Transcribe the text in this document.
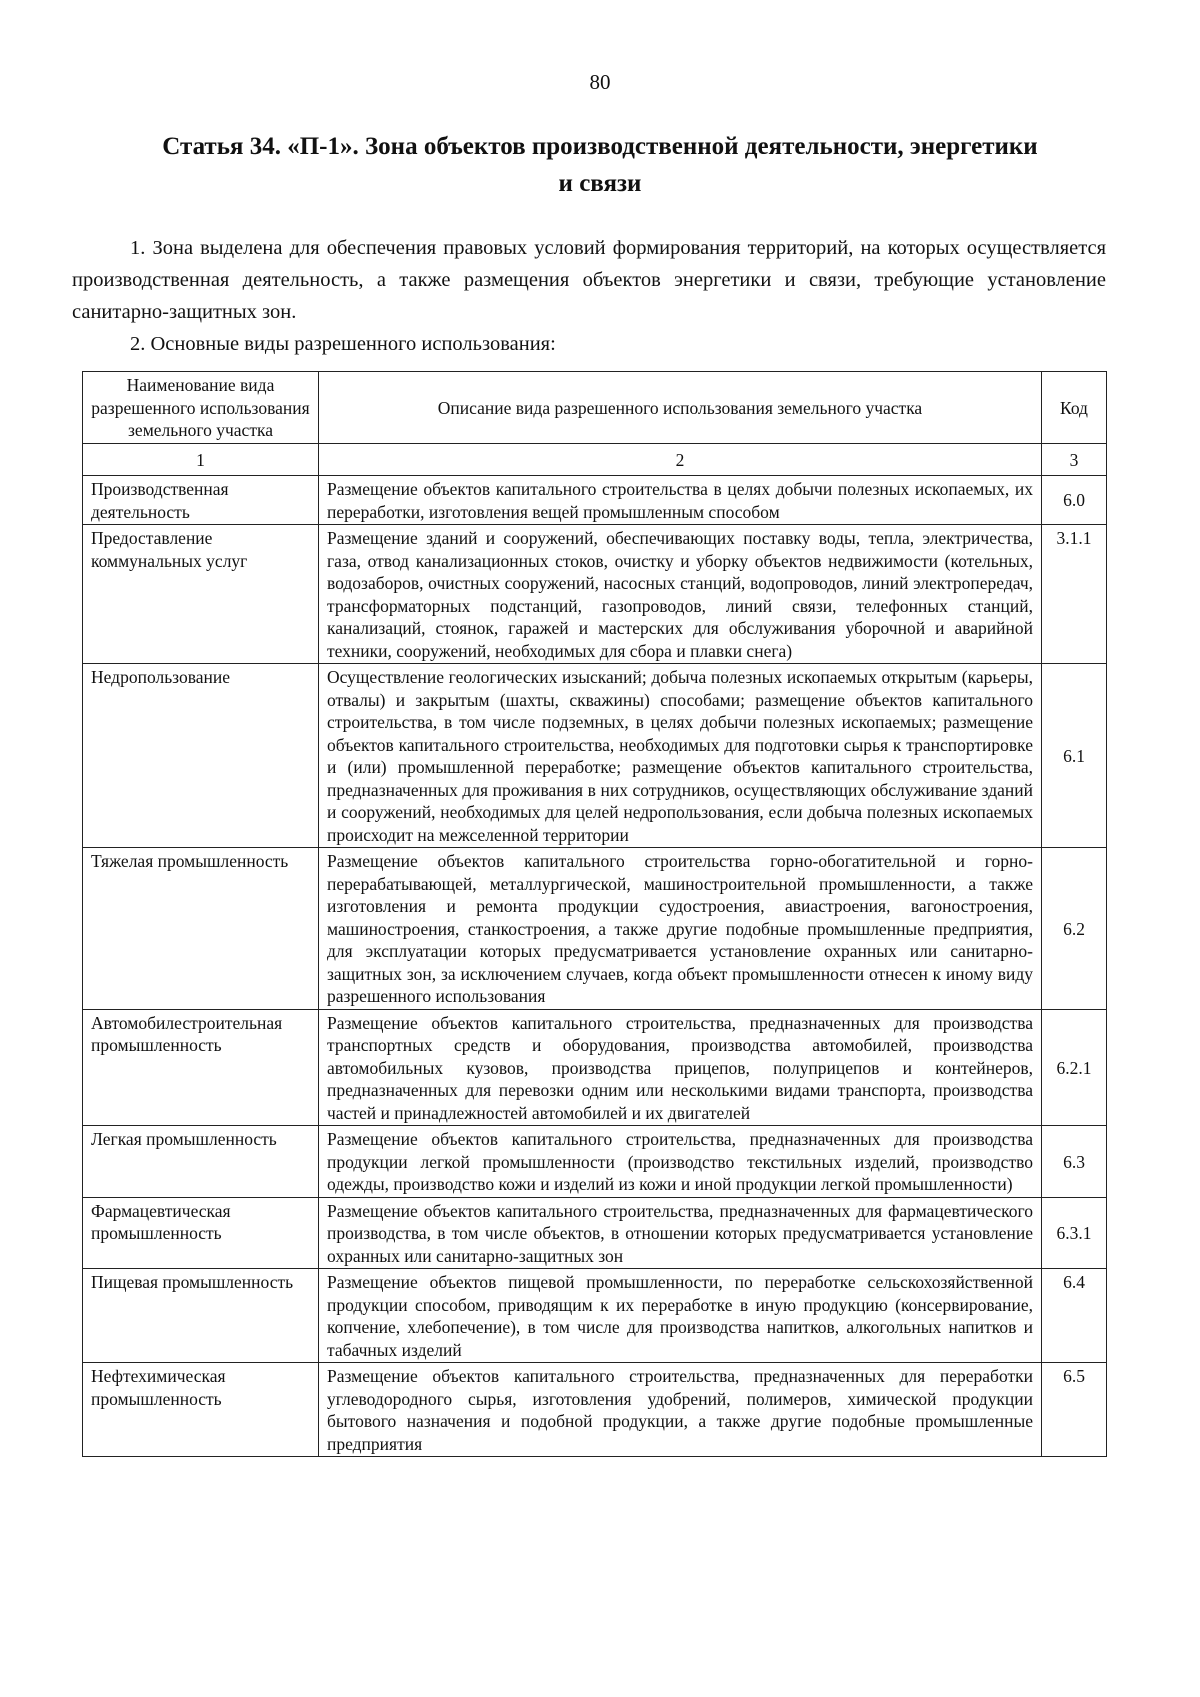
80
Статья 34. «П-1». Зона объектов производственной деятельности, энергетики
и связи

1. Зона выделена для обеспечения правовых условий формирования территорий, на которых осуществляется производственная деятельность, а также размещения объектов энергетики и связи, требующие установление санитарно-защитных зон.

2. Основные виды разрешенного использования:

Наименование вида разрешенного использования земельного участка	Описание вида разрешенного использования земельного участка	Код
1	2	3
Производственная деятельность	Размещение объектов капитального строительства в целях добычи полезных ископаемых, их переработки, изготовления вещей промышленным способом	6.0
Предоставление коммунальных услуг	Размещение зданий и сооружений, обеспечивающих поставку воды, тепла, электричества, газа, отвод канализационных стоков, очистку и уборку объектов недвижимости (котельных, водозаборов, очистных сооружений, насосных станций, водопроводов, линий электропередач, трансформаторных подстанций, газопроводов, линий связи, телефонных станций, канализаций, стоянок, гаражей и мастерских для обслуживания уборочной и аварийной техники, сооружений, необходимых для сбора и плавки снега)	3.1.1
Недропользование	Осуществление геологических изысканий; добыча полезных ископаемых открытым (карьеры, отвалы) и закрытым (шахты, скважины) способами; размещение объектов капитального строительства, в том числе подземных, в целях добычи полезных ископаемых; размещение объектов капитального строительства, необходимых для подготовки сырья к транспортировке и (или) промышленной переработке; размещение объектов капитального строительства, предназначенных для проживания в них сотрудников, осуществляющих обслуживание зданий и сооружений, необходимых для целей недропользования, если добыча полезных ископаемых происходит на межселенной территории	6.1
Тяжелая промышленность	Размещение объектов капитального строительства горно-обогатительной и горно-перерабатывающей, металлургической, машиностроительной промышленности, а также изготовления и ремонта продукции судостроения, авиастроения, вагоностроения, машиностроения, станкостроения, а также другие подобные промышленные предприятия, для эксплуатации которых предусматривается установление охранных или санитарно-защитных зон, за исключением случаев, когда объект промышленности отнесен к иному виду разрешенного использования	6.2
Автомобилестроительная промышленность	Размещение объектов капитального строительства, предназначенных для производства транспортных средств и оборудования, производства автомобилей, производства автомобильных кузовов, производства прицепов, полуприцепов и контейнеров, предназначенных для перевозки одним или несколькими видами транспорта, производства частей и принадлежностей автомобилей и их двигателей	6.2.1
Легкая промышленность	Размещение объектов капитального строительства, предназначенных для производства продукции легкой промышленности (производство текстильных изделий, производство одежды, производство кожи и изделий из кожи и иной продукции легкой промышленности)	6.3
Фармацевтическая промышленность	Размещение объектов капитального строительства, предназначенных для фармацевтического производства, в том числе объектов, в отношении которых предусматривается установление охранных или санитарно-защитных зон	6.3.1
Пищевая промышленность	Размещение объектов пищевой промышленности, по переработке сельскохозяйственной продукции способом, приводящим к их переработке в иную продукцию (консервирование, копчение, хлебопечение), в том числе для производства напитков, алкогольных напитков и табачных изделий	6.4
Нефтехимическая промышленность	Размещение объектов капитального строительства, предназначенных для переработки углеводородного сырья, изготовления удобрений, полимеров, химической продукции бытового назначения и подобной продукции, а также другие подобные промышленные предприятия	6.5
